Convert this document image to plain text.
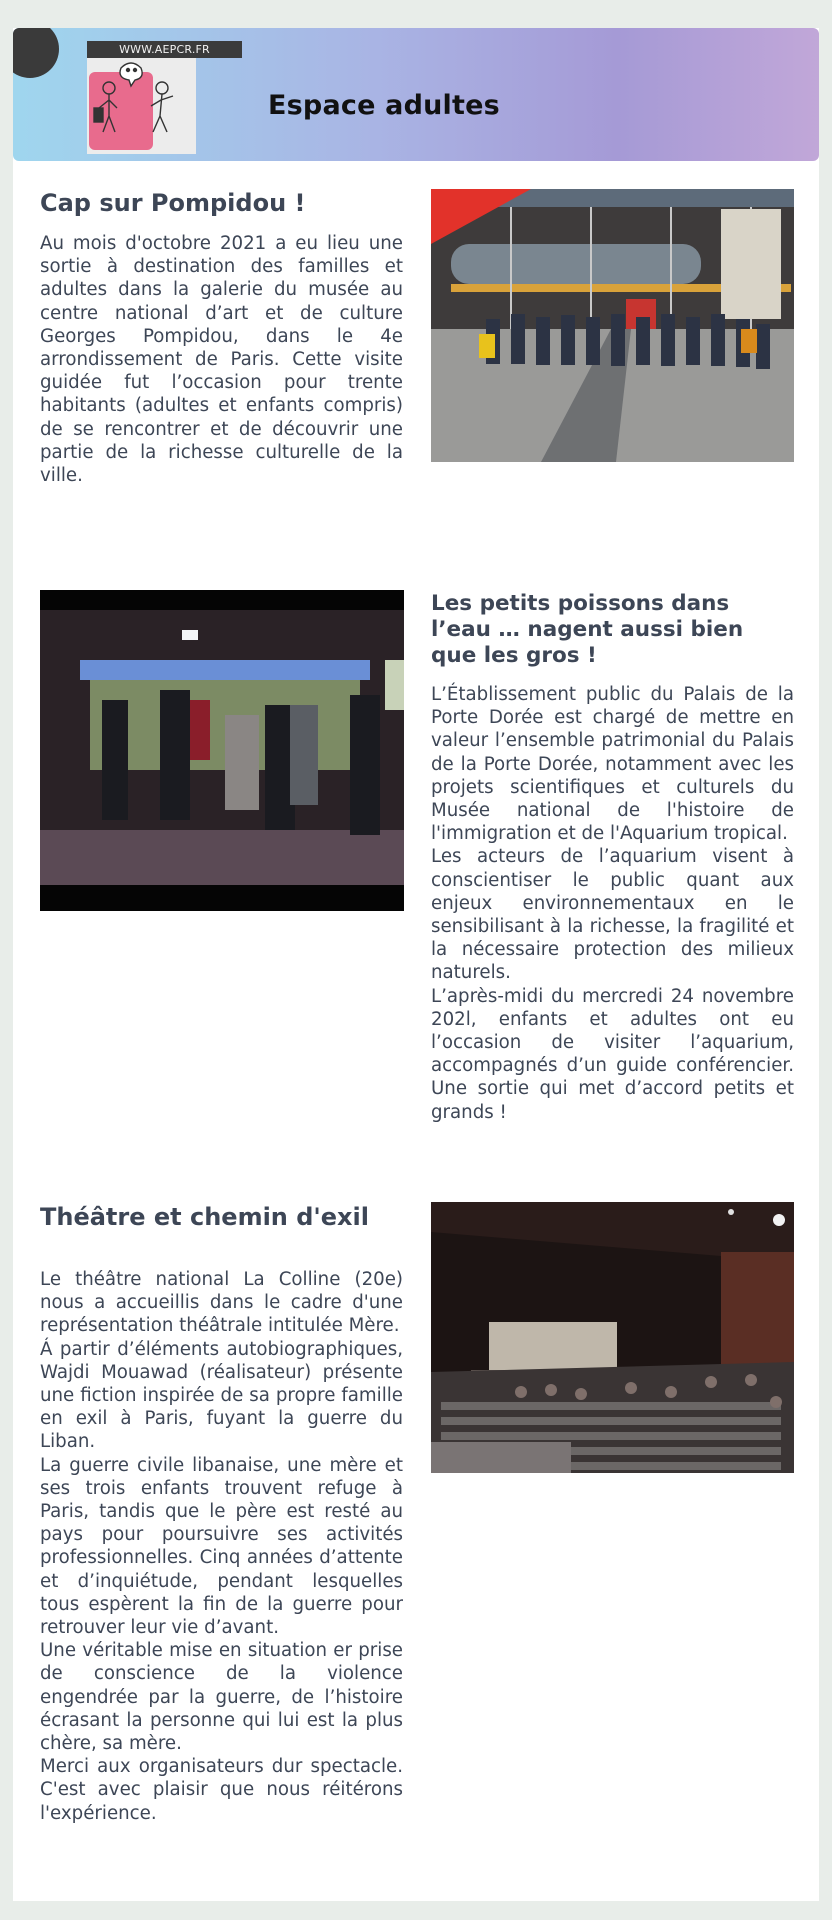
WWW.AEPCR.FR
Espace adultes
Cap sur Pompidou !

Au mois d'octobre 2021 a eu lieu une sortie à destination des familles et adultes dans la galerie du musée au centre national d’art et de culture Georges Pompidou, dans le 4e arrondissement de Paris. Cette visite guidée fut l’occasion pour trente habitants (adultes et enfants compris) de se rencontrer et de découvrir une partie de la richesse culturelle de la ville.

Les petits poissons dans l’eau … nagent aussi bien que les gros !

L’Établissement public du Palais de la Porte Dorée est chargé de mettre en valeur l’ensemble patrimonial du Palais de la Porte Dorée, notamment avec les projets scientifiques et culturels du Musée national de l'histoire de l'immigration et de l'Aquarium tropical.

Les acteurs de l’aquarium visent à conscientiser le public quant aux enjeux environnementaux en le sensibilisant à la richesse, la fragilité et la nécessaire protection des milieux naturels.

L’après-midi du mercredi 24 novembre 202l, enfants et adultes ont eu l’occasion de visiter l’aquarium, accompagnés d’un guide conférencier. Une sortie qui met d’accord petits et grands !

Théâtre et chemin d'exil

Le théâtre national La Colline (20e) nous a accueillis dans le cadre d'une représentation théâtrale intitulée Mère.

Á partir d’éléments autobiographiques, Wajdi Mouawad (réalisateur) présente une fiction inspirée de sa propre famille en exil à Paris, fuyant la guerre du Liban.

La guerre civile libanaise, une mère et ses trois enfants trouvent refuge à Paris, tandis que le père est resté au pays pour poursuivre ses activités professionnelles. Cinq années d’attente et d’inquiétude, pendant lesquelles tous espèrent la fin de la guerre pour retrouver leur vie d’avant.

Une véritable mise en situation er prise de conscience de la violence engendrée par la guerre, de l’histoire écrasant la personne qui lui est la plus chère, sa mère.

Merci aux organisateurs dur spectacle. C'est avec plaisir que nous réitérons l'expérience.
